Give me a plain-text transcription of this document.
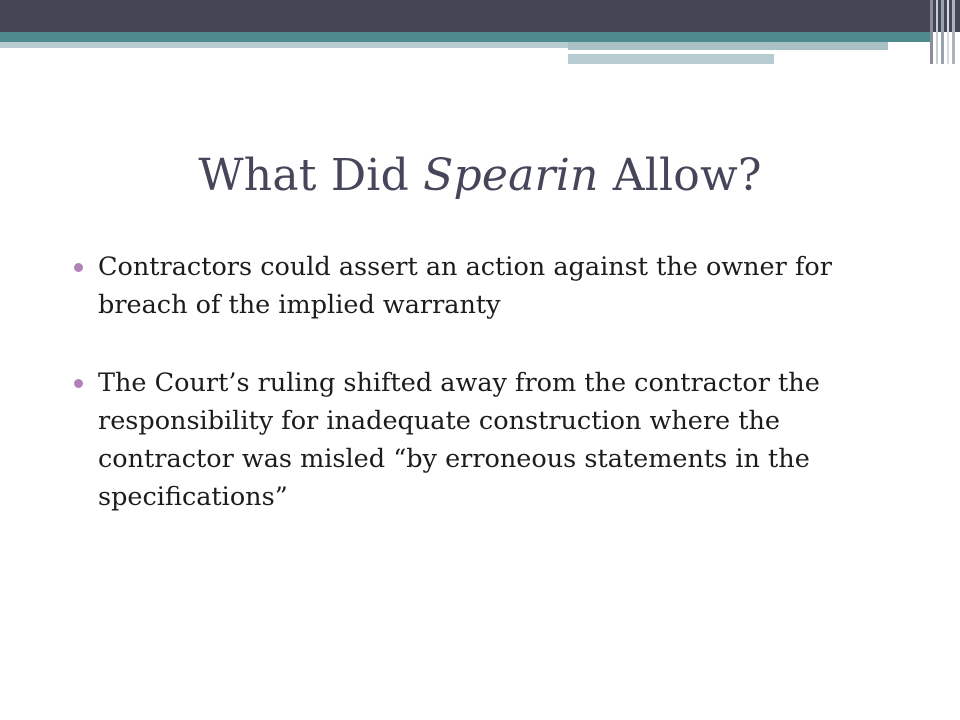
What Did Spearin Allow?
Contractors could assert an action against the owner for breach of the implied warranty
The Court’s ruling shifted away from the contractor the responsibility for inadequate construction where the contractor was misled “by erroneous statements in the specifications”
